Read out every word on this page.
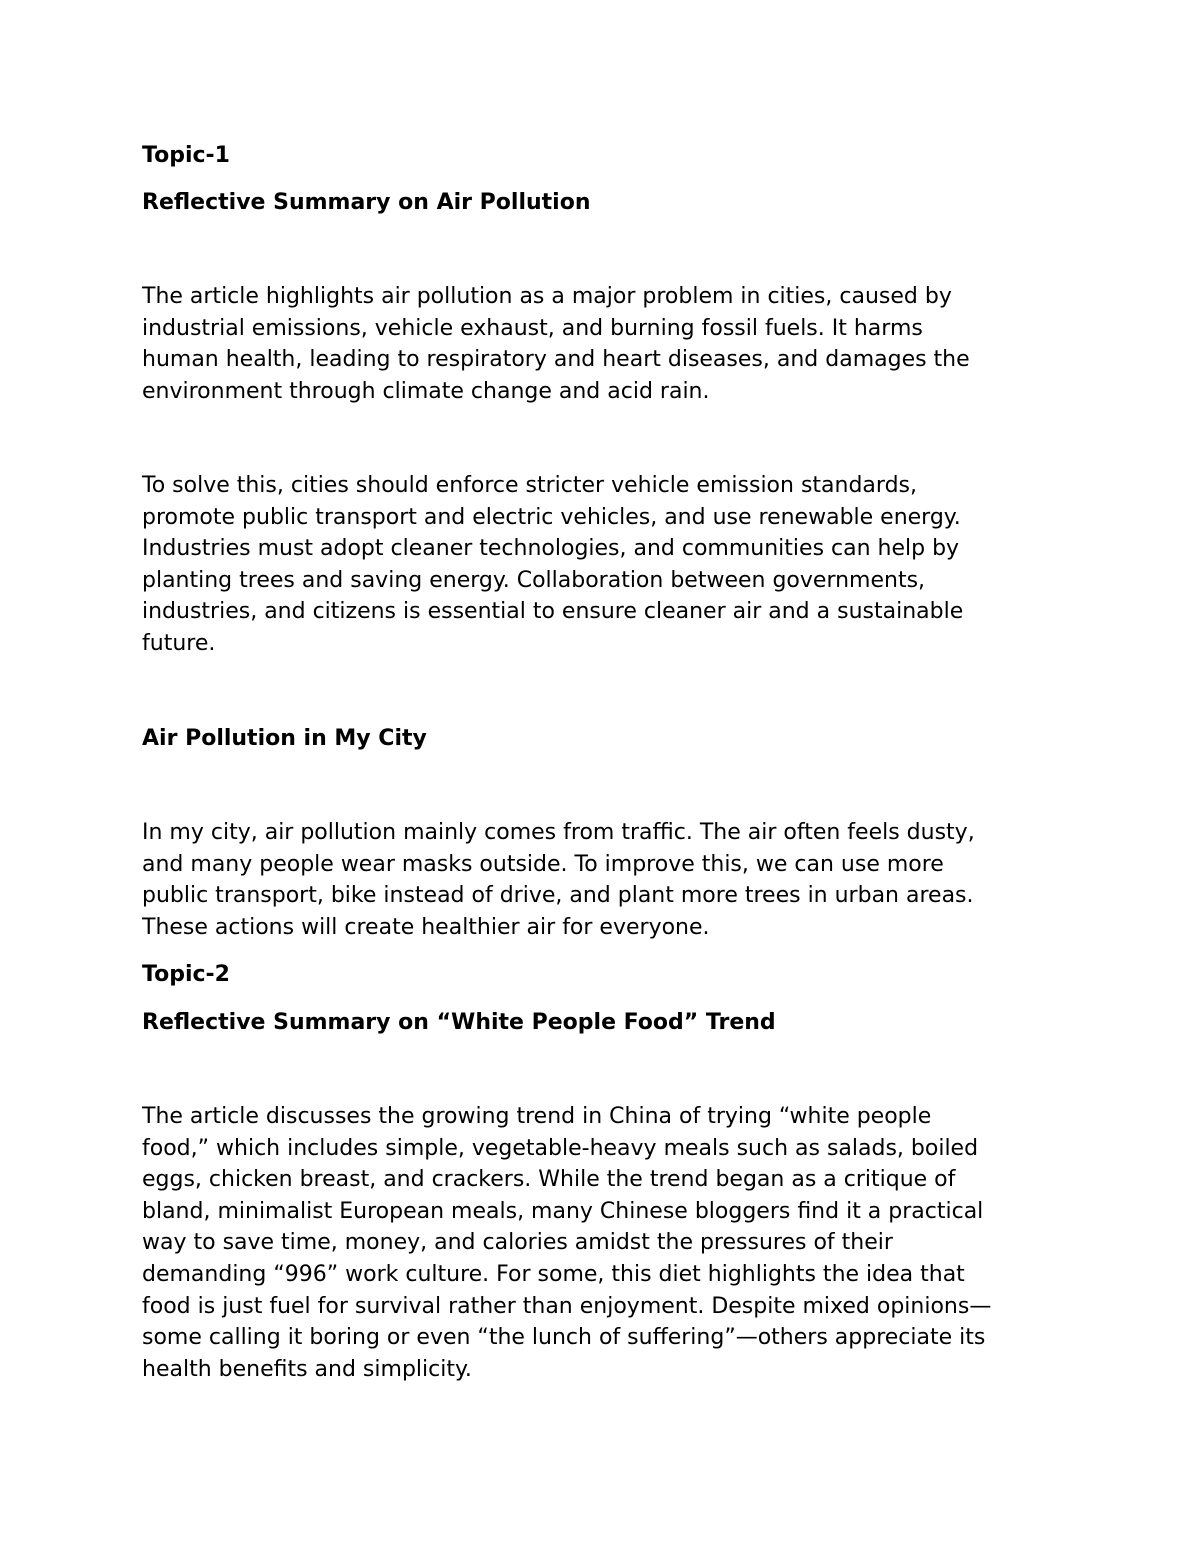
Topic-1
Reflective Summary on Air Pollution
The article highlights air pollution as a major problem in cities, caused by
industrial emissions, vehicle exhaust, and burning fossil fuels. It harms
human health, leading to respiratory and heart diseases, and damages the
environment through climate change and acid rain.
To solve this, cities should enforce stricter vehicle emission standards,
promote public transport and electric vehicles, and use renewable energy.
Industries must adopt cleaner technologies, and communities can help by
planting trees and saving energy. Collaboration between governments,
industries, and citizens is essential to ensure cleaner air and a sustainable
future.
Air Pollution in My City
In my city, air pollution mainly comes from traffic. The air often feels dusty,
and many people wear masks outside. To improve this, we can use more
public transport, bike instead of drive, and plant more trees in urban areas.
These actions will create healthier air for everyone.
Topic-2
Reflective Summary on “White People Food” Trend
The article discusses the growing trend in China of trying “white people
food,” which includes simple, vegetable-heavy meals such as salads, boiled
eggs, chicken breast, and crackers. While the trend began as a critique of
bland, minimalist European meals, many Chinese bloggers find it a practical
way to save time, money, and calories amidst the pressures of their
demanding “996” work culture. For some, this diet highlights the idea that
food is just fuel for survival rather than enjoyment. Despite mixed opinions—
some calling it boring or even “the lunch of suffering”—others appreciate its
health benefits and simplicity.
